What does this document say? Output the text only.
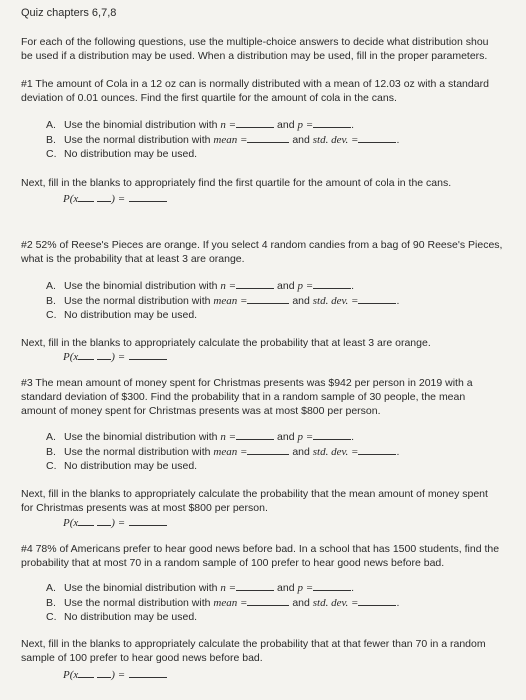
Quiz chapters 6,7,8
For each of the following questions, use the multiple-choice answers to decide what distribution shou
be used if a distribution may be used. When a distribution may be used, fill in the proper parameters.
#1 The amount of Cola in a 12 oz can is normally distributed with a mean of 12.03 oz with a standard
deviation of 0.01 ounces. Find the first quartile for the amount of cola in the cans.
A. Use the binomial distribution with n =	and p =	.
B. Use the normal distribution with mean =	and std. dev. =	.
C. No distribution may be used.
Next, fill in the blanks to appropriately find the first quartile for the amount of cola in the cans.
P(x	) =
#2 52% of Reese's Pieces are orange. If you select 4 random candies from a bag of 90 Reese's Pieces,
what is the probability that at least 3 are orange.
A. Use the binomial distribution with n =	and p =	.
B. Use the normal distribution with mean =	and std. dev. =	.
C. No distribution may be used.
Next, fill in the blanks to appropriately calculate the probability that at least 3 are orange.
P(x	) =
#3 The mean amount of money spent for Christmas presents was $942 per person in 2019 with a
standard deviation of $300. Find the probability that in a random sample of 30 people, the mean
amount of money spent for Christmas presents was at most $800 per person.
A. Use the binomial distribution with n =	and p =	.
B. Use the normal distribution with mean =	and std. dev. =	.
C. No distribution may be used.
Next, fill in the blanks to appropriately calculate the probability that the mean amount of money spent
for Christmas presents was at most $800 per person.
P(x	) =
#4 78% of Americans prefer to hear good news before bad. In a school that has 1500 students, find the
probability that at most 70 in a random sample of 100 prefer to hear good news before bad.
A. Use the binomial distribution with n =	and p =	.
B. Use the normal distribution with mean =	and std. dev. =	.
C. No distribution may be used.
Next, fill in the blanks to appropriately calculate the probability that at that fewer than 70 in a random
sample of 100 prefer to hear good news before bad.
P(x	) =
